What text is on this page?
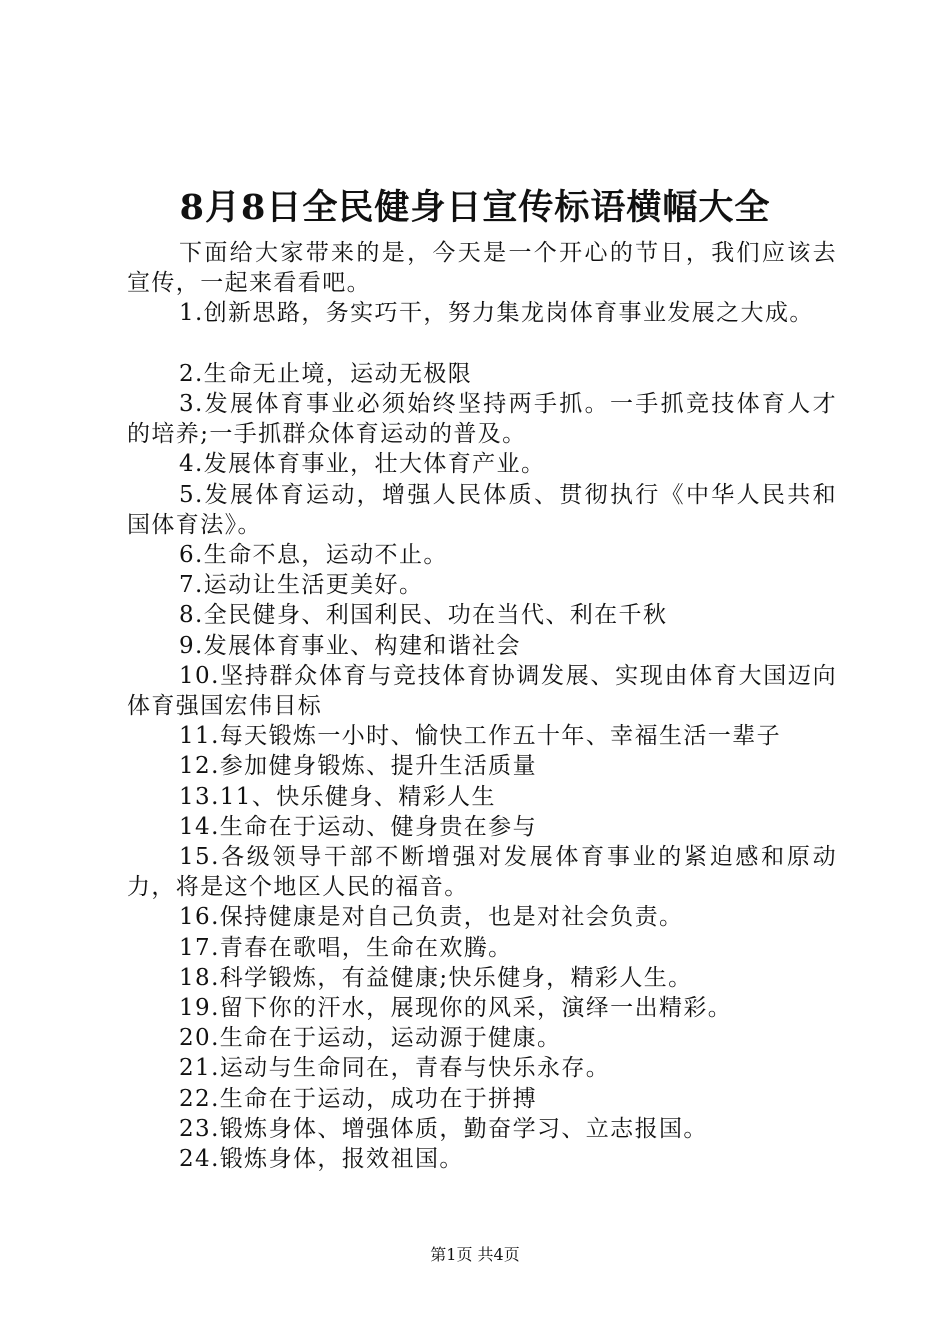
8月8日全民健身日宣传标语横幅大全

下面给大家带来的是，今天是一个开心的节日，我们应该去宣传，一起来看看吧。

1.创新思路，务实巧干，努力集龙岗体育事业发展之大成。

2.生命无止境，运动无极限

3.发展体育事业必须始终坚持两手抓。一手抓竞技体育人才的培养;一手抓群众体育运动的普及。

4.发展体育事业，壮大体育产业。

5.发展体育运动，增强人民体质、贯彻执行《中华人民共和国体育法》。

6.生命不息，运动不止。

7.运动让生活更美好。

8.全民健身、利国利民、功在当代、利在千秋

9.发展体育事业、构建和谐社会

10.坚持群众体育与竞技体育协调发展、实现由体育大国迈向体育强国宏伟目标

11.每天锻炼一小时、愉快工作五十年、幸福生活一辈子

12.参加健身锻炼、提升生活质量

13.11、快乐健身、精彩人生

14.生命在于运动、健身贵在参与

15.各级领导干部不断增强对发展体育事业的紧迫感和原动力，将是这个地区人民的福音。

16.保持健康是对自己负责，也是对社会负责。

17.青春在歌唱，生命在欢腾。

18.科学锻炼，有益健康;快乐健身，精彩人生。

19.留下你的汗水，展现你的风采，演绎一出精彩。

20.生命在于运动，运动源于健康。

21.运动与生命同在，青春与快乐永存。

22.生命在于运动，成功在于拼搏

23.锻炼身体、增强体质，勤奋学习、立志报国。

24.锻炼身体，报效祖国。

第1页 共4页
